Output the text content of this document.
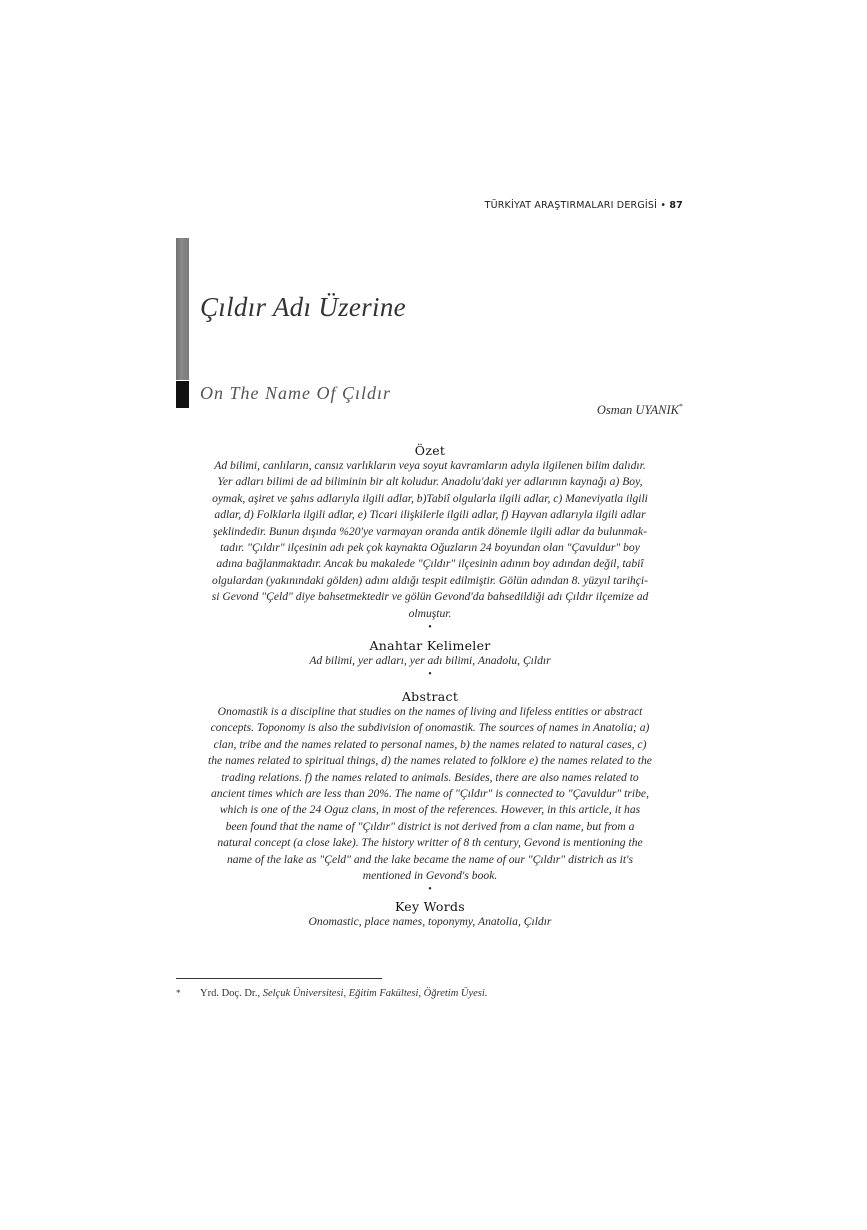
TÜRKİYAT ARAŞTIRMALARI DERGİSİ • 87
Çıldır Adı Üzerine
On The Name Of Çıldır
Osman UYANIK*
Özet
Ad bilimi, canlıların, cansız varlıkların veya soyut kavramların adıyla ilgilenen bilim dalıdır.
Yer adları bilimi de ad biliminin bir alt koludur. Anadolu'daki yer adlarının kaynağı a) Boy,
oymak, aşiret ve şahıs adlarıyla ilgili adlar, b)Tabiî olgularla ilgili adlar, c) Maneviyatla ilgili
adlar, d) Folklarla ilgili adlar, e) Ticari ilişkilerle ilgili adlar, f) Hayvan adlarıyla ilgili adlar
şeklindedir. Bunun dışında %20'ye varmayan oranda antik dönemle ilgili adlar da bulunmak-
tadır. "Çıldır" ilçesinin adı pek çok kaynakta Oğuzların 24 boyundan olan "Çavuldur" boy
adına bağlanmaktadır. Ancak bu makalede "Çıldır" ilçesinin adının boy adından değil, tabiî
olgulardan (yakınındaki gölden) adını aldığı tespit edilmiştir. Gölün adından 8. yüzyıl tarihçi-
si Gevond "Çeld" diye bahsetmektedir ve gölün Gevond'da bahsedildiği adı Çıldır ilçemize ad
olmuştur.
•
Anahtar Kelimeler
Ad bilimi, yer adları, yer adı bilimi, Anadolu, Çıldır
•
Abstract
Onomastik is a discipline that studies on the names of living and lifeless entities or abstract
concepts. Toponomy is also the subdivision of onomastik. The sources of names in Anatolia; a)
clan, tribe and the names related to personal names, b) the names related to natural cases, c)
the names related to spiritual things, d) the names related to folklore e) the names related to the
trading relations. f) the names related to animals. Besides, there are also names related to
ancient times which are less than 20%. The name of "Çıldır" is connected to "Çavuldur" tribe,
which is one of the 24 Oguz clans, in most of the references. However, in this article, it has
been found that the name of "Çıldır" district is not derived from a clan name, but from a
natural concept (a close lake). The history writter of 8 th century, Gevond is mentioning the
name of the lake as "Çeld" and the lake became the name of our "Çıldır" districh as it's
mentioned in Gevond's book.
•
Key Words
Onomastic, place names, toponymy, Anatolia, Çıldır
* Yrd. Doç. Dr., Selçuk Üniversitesi, Eğitim Fakültesi, Öğretim Üyesi.
